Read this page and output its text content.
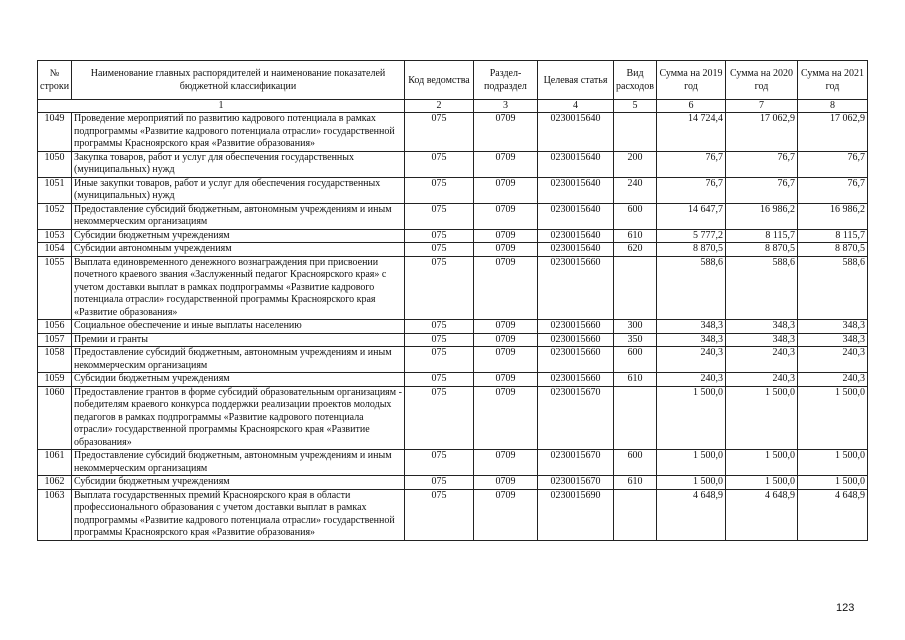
№ строки	Наименование главных распорядителей и наименование показателей бюджетной классификации	Код ведомства	Раздел-подраздел	Целевая статья	Вид расходов	Сумма на 2019 год	Сумма на 2020 год	Сумма на 2021 год
1		2	3	4	5	6	7	8
1049	Проведение мероприятий по развитию кадрового потенциала в рамках подпрограммы «Развитие кадрового потенциала отрасли» государственной программы Красноярского края «Развитие образования»	075	0709	0230015640		14 724,4	17 062,9	17 062,9
1050	Закупка товаров, работ и услуг для обеспечения государственных (муниципальных) нужд	075	0709	0230015640	200	76,7	76,7	76,7
1051	Иные закупки товаров, работ и услуг для обеспечения государственных (муниципальных) нужд	075	0709	0230015640	240	76,7	76,7	76,7
1052	Предоставление субсидий бюджетным, автономным учреждениям и иным некоммерческим организациям	075	0709	0230015640	600	14 647,7	16 986,2	16 986,2
1053	Субсидии бюджетным учреждениям	075	0709	0230015640	610	5 777,2	8 115,7	8 115,7
1054	Субсидии автономным учреждениям	075	0709	0230015640	620	8 870,5	8 870,5	8 870,5
1055	Выплата единовременного денежного вознаграждения при присвоении почетного краевого звания «Заслуженный педагог Красноярского края» с учетом доставки выплат в рамках подпрограммы «Развитие кадрового потенциала отрасли» государственной программы Красноярского края «Развитие образования»	075	0709	0230015660		588,6	588,6	588,6
1056	Социальное обеспечение и иные выплаты населению	075	0709	0230015660	300	348,3	348,3	348,3
1057	Премии и гранты	075	0709	0230015660	350	348,3	348,3	348,3
1058	Предоставление субсидий бюджетным, автономным учреждениям и иным некоммерческим организациям	075	0709	0230015660	600	240,3	240,3	240,3
1059	Субсидии бюджетным учреждениям	075	0709	0230015660	610	240,3	240,3	240,3
1060	Предоставление грантов в форме субсидий образовательным организациям - победителям краевого конкурса поддержки реализации проектов молодых педагогов в рамках подпрограммы «Развитие кадрового потенциала отрасли» государственной программы Красноярского края «Развитие образования»	075	0709	0230015670		1 500,0	1 500,0	1 500,0
1061	Предоставление субсидий бюджетным, автономным учреждениям и иным некоммерческим организациям	075	0709	0230015670	600	1 500,0	1 500,0	1 500,0
1062	Субсидии бюджетным учреждениям	075	0709	0230015670	610	1 500,0	1 500,0	1 500,0
1063	Выплата государственных премий Красноярского края в области профессионального образования с учетом доставки выплат в рамках подпрограммы «Развитие кадрового потенциала отрасли» государственной программы Красноярского края «Развитие образования»	075	0709	0230015690		4 648,9	4 648,9	4 648,9
123
